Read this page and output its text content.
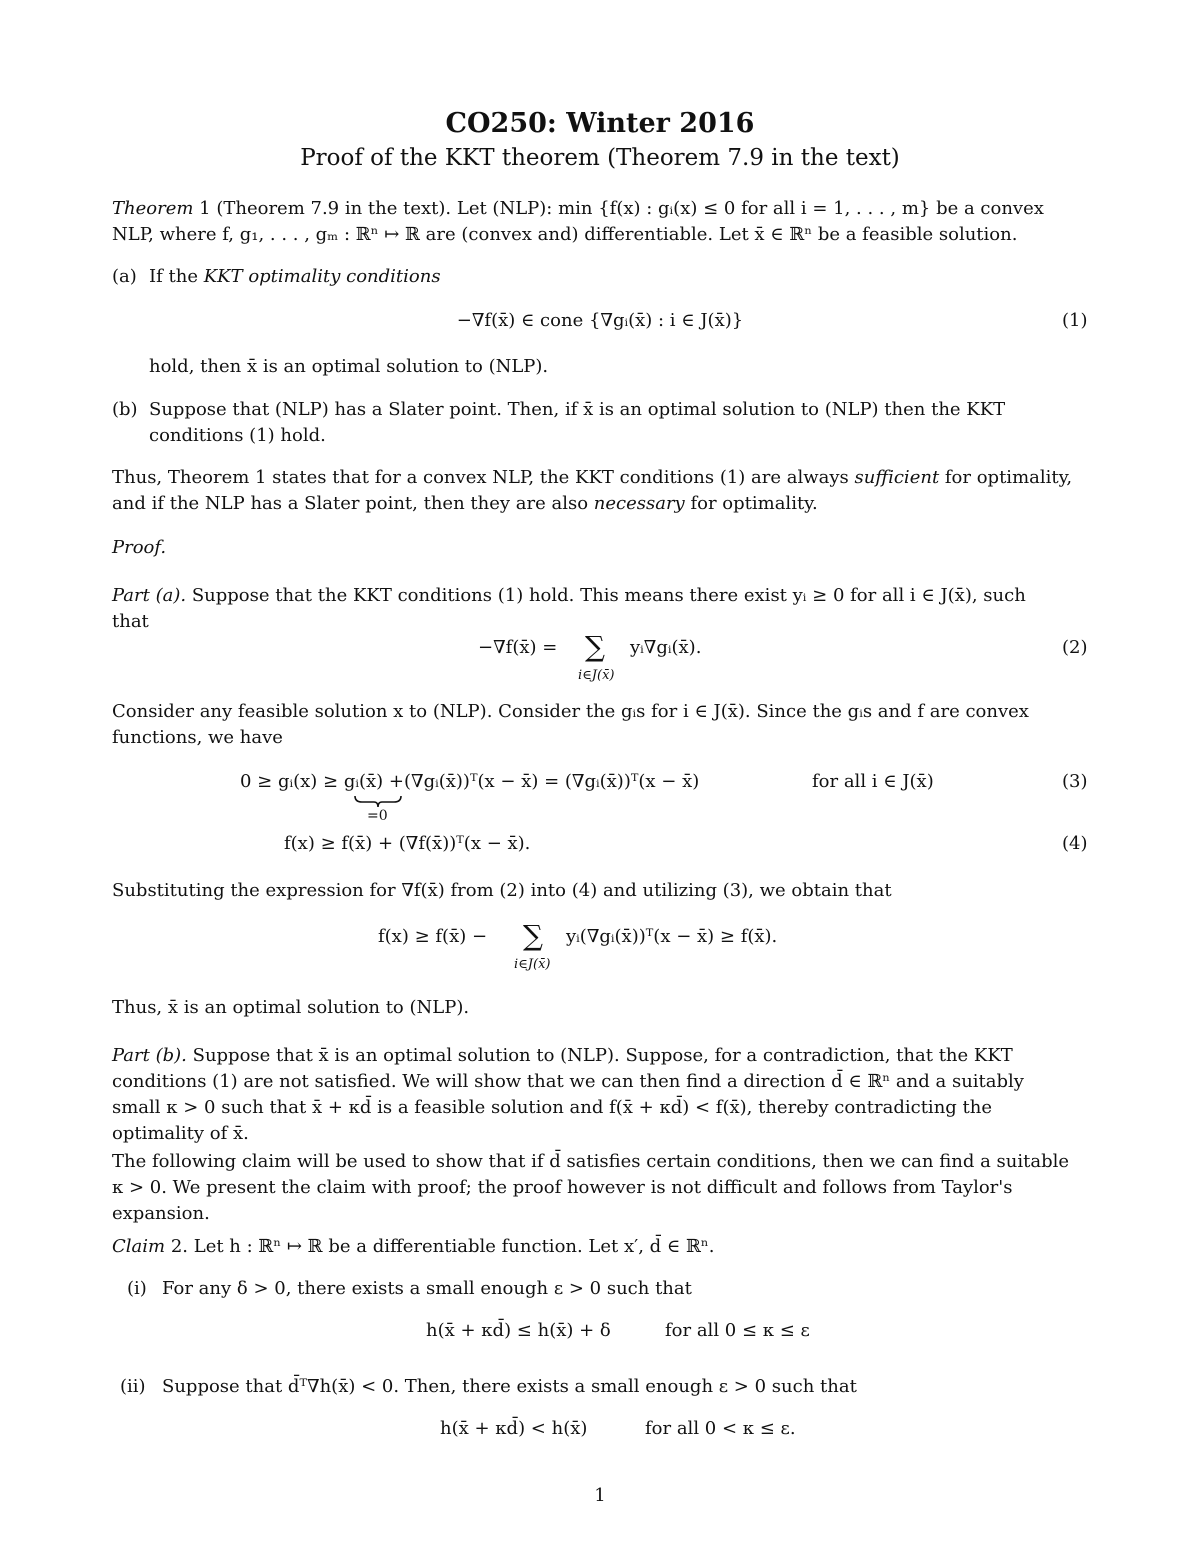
CO250: Winter 2016
Proof of the KKT theorem (Theorem 7.9 in the text)
Theorem 1 (Theorem 7.9 in the text). Let (NLP): min {f(x) : gᵢ(x) ≤ 0 for all i = 1, . . . , m} be a convex
NLP, where f, g₁, . . . , gₘ : ℝⁿ ↦ ℝ are (convex and) differentiable. Let x̄ ∈ ℝⁿ be a feasible solution.
(a) If the KKT optimality conditions
−∇f(x̄) ∈ cone {∇gᵢ(x̄) : i ∈ J(x̄)}	(1)
hold, then x̄ is an optimal solution to (NLP).
(b) Suppose that (NLP) has a Slater point. Then, if x̄ is an optimal solution to (NLP) then the KKT
conditions (1) hold.
Thus, Theorem 1 states that for a convex NLP, the KKT conditions (1) are always sufficient for optimality,
and if the NLP has a Slater point, then they are also necessary for optimality.
Proof.
Part (a). Suppose that the KKT conditions (1) hold. This means there exist yᵢ ≥ 0 for all i ∈ J(x̄), such
that
−∇f(x̄) = ∑
i∈J(x̄)
yᵢ∇gᵢ(x̄).	(2)
Consider any feasible solution x to (NLP). Consider the gᵢs for i ∈ J(x̄). Since the gᵢs and f are convex
functions, we have
0 ≥ gᵢ(x) ≥ gᵢ(x̄) +(∇gᵢ(x̄))ᵀ(x − x̄) = (∇gᵢ(x̄))ᵀ(x − x̄)
=0
for all i ∈ J(x̄)	(3)
f(x) ≥ f(x̄) + (∇f(x̄))ᵀ(x − x̄).	(4)
Substituting the expression for ∇f(x̄) from (2) into (4) and utilizing (3), we obtain that
f(x) ≥ f(x̄) − ∑
i∈J(x̄)
yᵢ(∇gᵢ(x̄))ᵀ(x − x̄) ≥ f(x̄).
Thus, x̄ is an optimal solution to (NLP).
Part (b). Suppose that x̄ is an optimal solution to (NLP). Suppose, for a contradiction, that the KKT
conditions (1) are not satisfied. We will show that we can then find a direction d̄ ∈ ℝⁿ and a suitably
small κ > 0 such that x̄ + κd̄ is a feasible solution and f(x̄ + κd̄) < f(x̄), thereby contradicting the
optimality of x̄.
The following claim will be used to show that if d̄ satisfies certain conditions, then we can find a suitable
κ > 0. We present the claim with proof; the proof however is not difficult and follows from Taylor's
expansion.
Claim 2. Let h : ℝⁿ ↦ ℝ be a differentiable function. Let x′, d̄ ∈ ℝⁿ.
(i) For any δ > 0, there exists a small enough ε > 0 such that
h(x̄ + κd̄) ≤ h(x̄) + δ	for all 0 ≤ κ ≤ ε
(ii) Suppose that d̄ᵀ∇h(x̄) < 0. Then, there exists a small enough ε > 0 such that
h(x̄ + κd̄) < h(x̄)	for all 0 < κ ≤ ε.
1
